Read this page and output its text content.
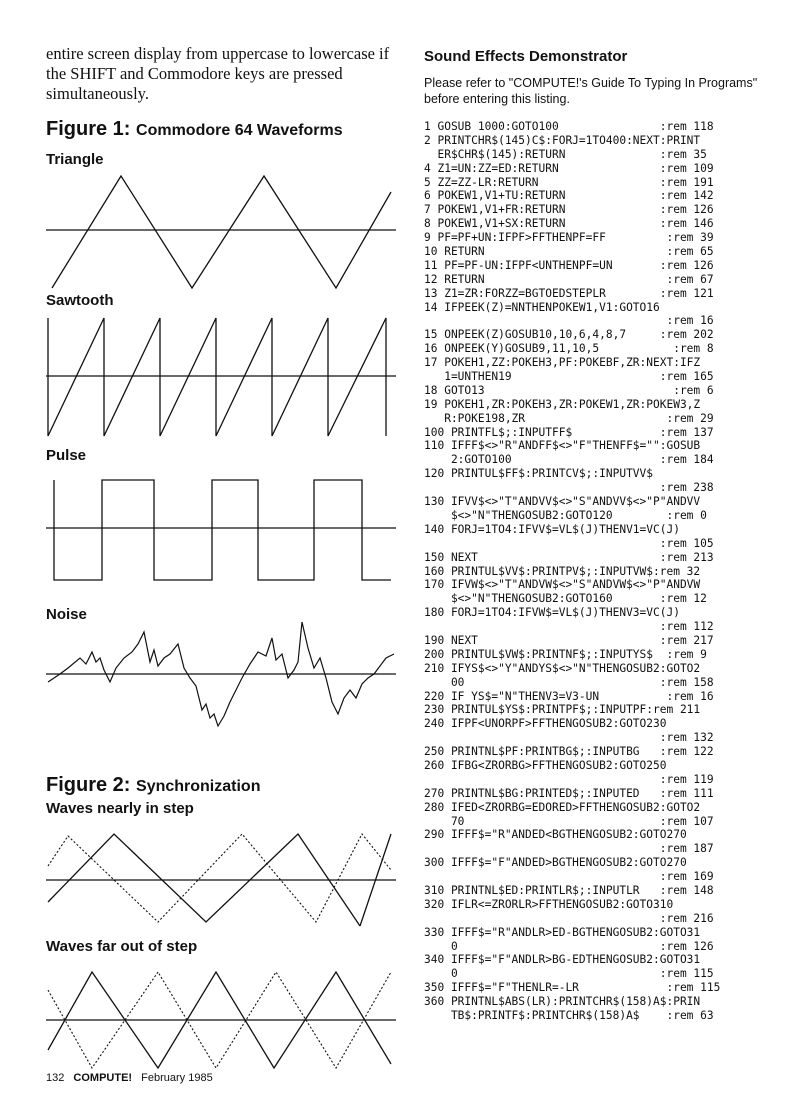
entire screen display from uppercase to lowercase if the SHIFT and Commodore keys are pressed simultaneously.

Figure 1: Commodore 64 Waveforms
Triangle
Sawtooth
Pulse
Noise
Figure 2: Synchronization
Waves nearly in step
Waves far out of step

Sound Effects Demonstrator

Please refer to "COMPUTE!'s Guide To Typing In Programs" before entering this listing.

1 GOSUB 1000:GOTO100               :rem 118
2 PRINTCHR$(145)C$:FORJ=1TO400:NEXT:PRINT
ER$CHR$(145):RETURN              :rem 35
4 Z1=UN:ZZ=ED:RETURN               :rem 109
5 ZZ=ZZ-LR:RETURN                  :rem 191
6 POKEW1,V1+TU:RETURN              :rem 142
7 POKEW1,V1+FR:RETURN              :rem 126
8 POKEW1,V1+SX:RETURN              :rem 146
9 PF=PF+UN:IFPF>FFTHENPF=FF         :rem 39
10 RETURN                           :rem 65
11 PF=PF-UN:IFPF<UNTHENPF=UN       :rem 126
12 RETURN                           :rem 67
13 Z1=ZR:FORZZ=BGTOEDSTEPLR        :rem 121
14 IFPEEK(Z)=NNTHENPOKEW1,V1:GOTO16
:rem 16
15 ONPEEK(Z)GOSUB10,10,6,4,8,7     :rem 202
16 ONPEEK(Y)GOSUB9,11,10,5           :rem 8
17 POKEH1,ZZ:POKEH3,PF:POKEBF,ZR:NEXT:IFZ
1=UNTHEN19                      :rem 165
18 GOTO13                            :rem 6
19 POKEH1,ZR:POKEH3,ZR:POKEW1,ZR:POKEW3,Z
R:POKE198,ZR                     :rem 29
100 PRINTFL$;:INPUTFF$             :rem 137
110 IFFF$<>"R"ANDFF$<>"F"THENFF$="":GOSUB
2:GOTO100                      :rem 184
120 PRINTUL$FF$:PRINTCV$;:INPUTVV$
:rem 238
130 IFVV$<>"T"ANDVV$<>"S"ANDVV$<>"P"ANDVV
$<>"N"THENGOSUB2:GOTO120        :rem 0
140 FORJ=1TO4:IFVV$=VL$(J)THENV1=VC(J)
:rem 105
150 NEXT                           :rem 213
160 PRINTUL$VV$:PRINTPV$;:INPUTVW$:rem 32
170 IFVW$<>"T"ANDVW$<>"S"ANDVW$<>"P"ANDVW
$<>"N"THENGOSUB2:GOTO160       :rem 12
180 FORJ=1TO4:IFVW$=VL$(J)THENV3=VC(J)
:rem 112
190 NEXT                           :rem 217
200 PRINTUL$VW$:PRINTNF$;:INPUTYS$  :rem 9
210 IFYS$<>"Y"ANDYS$<>"N"THENGOSUB2:GOTO2
00                             :rem 158
220 IF YS$="N"THENV3=V3-UN          :rem 16
230 PRINTUL$YS$:PRINTPF$;:INPUTPF:rem 211
240 IFPF<UNORPF>FFTHENGOSUB2:GOTO230
:rem 132
250 PRINTNL$PF:PRINTBG$;:INPUTBG   :rem 122
260 IFBG<ZRORBG>FFTHENGOSUB2:GOTO250
:rem 119
270 PRINTNL$BG:PRINTED$;:INPUTED   :rem 111
280 IFED<ZRORBG=EDORED>FFTHENGOSUB2:GOTO2
70                             :rem 107
290 IFFF$="R"ANDED<BGTHENGOSUB2:GOTO270
:rem 187
300 IFFF$="F"ANDED>BGTHENGOSUB2:GOTO270
:rem 169
310 PRINTNL$ED:PRINTLR$;:INPUTLR   :rem 148
320 IFLR<=ZRORLR>FFTHENGOSUB2:GOTO310
:rem 216
330 IFFF$="R"ANDLR>ED-BGTHENGOSUB2:GOTO31
0                              :rem 126
340 IFFF$="F"ANDLR>BG-EDTHENGOSUB2:GOTO31
0                              :rem 115
350 IFFF$="F"THENLR=-LR             :rem 115
360 PRINTNL$ABS(LR):PRINTCHR$(158)A$:PRIN
TB$:PRINTF$:PRINTCHR$(158)A$    :rem 63
132 COMPUTE! February 1985
